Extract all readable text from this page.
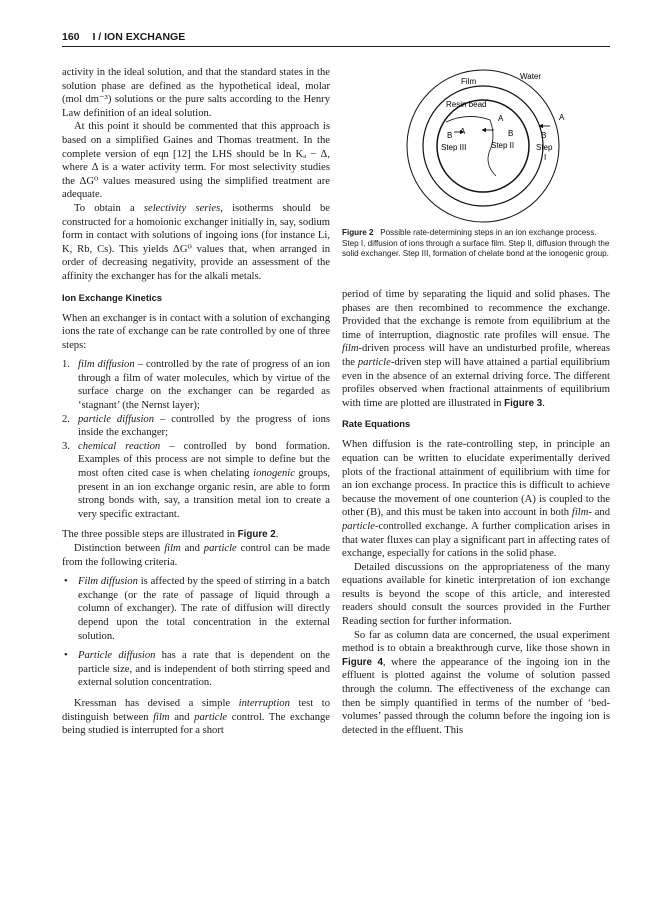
160 I / ION EXCHANGE

activity in the ideal solution, and that the standard states in the solution phase are defined as the hypothetical ideal, molar (mol dm⁻³) solutions or the pure salts according to the Henry Law definition of an ideal solution.

At this point it should be commented that this approach is based on a simplified Gaines and Thomas treatment. In the complete version of eqn [12] the LHS should be ln Kₐ − Δ, where Δ is a water activity term. For most selectivity studies the ΔG⁰ values measured using the simplified treatment are adequate.

To obtain a selectivity series, isotherms should be constructed for a homoionic exchanger initially in, say, sodium form in contact with solutions of ingoing ions (for instance Li, K, Rb, Cs). This yields ΔG⁰ values that, when arranged in order of decreasing negativity, provide an assessment of the affinity the exchanger has for the alkali metals.

Ion Exchange Kinetics

When an exchanger is in contact with a solution of exchanging ions the rate of exchange can be rate controlled by one of three steps:

1. film diffusion – controlled by the rate of progress of an ion through a film of water molecules, which by virtue of the surface charge on the exchanger can be regarded as ‘stagnant’ (the Nernst layer);
2. particle diffusion – controlled by the progress of ions inside the exchanger;
3. chemical reaction – controlled by bond formation. Examples of this process are not simple to define but the most often cited case is when chelating ionogenic groups, present in an ion exchange organic resin, are able to form strong bonds with, say, a transition metal ion to create a very specific extractant.

The three possible steps are illustrated in Figure 2.

Distinction between film and particle control can be made from the following criteria.

• Film diffusion is affected by the speed of stirring in a batch exchange (or the rate of passage of liquid through a column of exchanger). The rate of diffusion will directly depend upon the total concentration in the external solution.
• Particle diffusion has a rate that is dependent on the particle size, and is independent of both stirring speed and external solution concentration.

Kressman has devised a simple interruption test to distinguish between film and particle control. The exchange being studied is interrupted for a short

Film
Water
Resin bead
A	A
A
B	B	B
Step III	Step II	Step
I
Figure 2 Possible rate-determining steps in an ion exchange process. Step I, diffusion of ions through a surface film. Step II, diffusion through the solid exchanger. Step III, formation of chelate bond at the ionogenic group.

period of time by separating the liquid and solid phases. The phases are then recombined to recommence the exchange. Provided that the exchange is remote from equilibrium at the time of interruption, diagnostic rate profiles will ensue. The film-driven process will have an undisturbed profile, whereas the particle-driven step will have attained a partial equilibrium even in the absence of an external driving force. The different profiles observed when fractional attainments of equilibrium with time are plotted are illustrated in Figure 3.

Rate Equations

When diffusion is the rate-controlling step, in principle an equation can be written to elucidate experimentally derived plots of the fractional attainment of equilibrium with time for an ion exchange process. In practice this is difficult to achieve because the movement of one counterion (A) is coupled to the other (B), and this must be taken into account in both film- and particle-controlled exchange. A further complication arises in that water fluxes can play a significant part in affecting rates of exchange, especially for cations in the solid phase.

Detailed discussions on the appropriateness of the many equations available for kinetic interpretation of ion exchange results is beyond the scope of this article, and interested readers should consult the sources provided in the Further Reading section for further information.

So far as column data are concerned, the usual experiment method is to obtain a breakthrough curve, like those shown in Figure 4, where the appearance of the ingoing ion in the effluent is plotted against the volume of solution passed through the column. The effectiveness of the exchange can then be simply quantified in terms of the number of ‘bed-volumes’ passed through the column before the ingoing ion is detected in the effluent. This
